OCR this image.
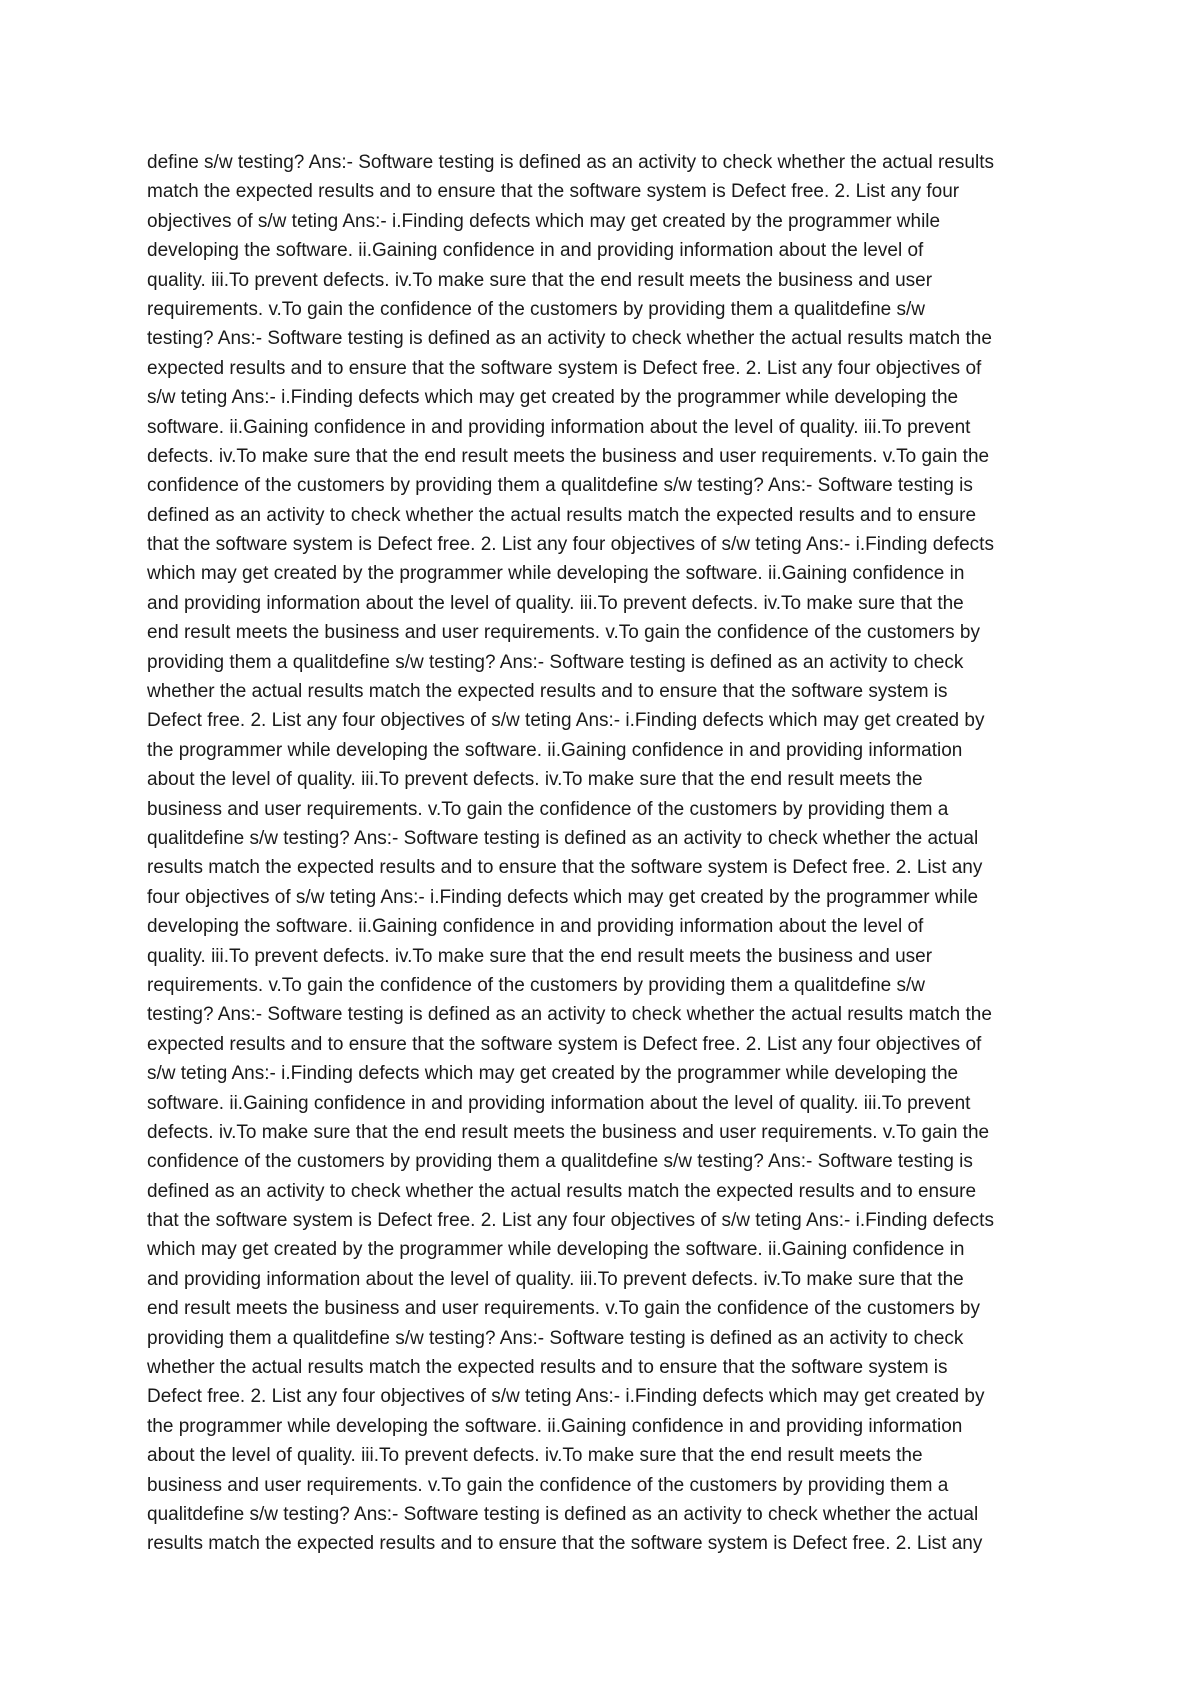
define s/w testing? Ans:- Software testing is defined as an activity to check whether the actual results
match the expected results and to ensure that the software system is Defect free. 2. List any four
objectives of s/w teting Ans:- i.Finding defects which may get created by the programmer while
developing the software. ii.Gaining confidence in and providing information about the level of
quality. iii.To prevent defects. iv.To make sure that the end result meets the business and user
requirements. v.To gain the confidence of the customers by providing them a qualitdefine s/w
testing? Ans:- Software testing is defined as an activity to check whether the actual results match the
expected results and to ensure that the software system is Defect free. 2. List any four objectives of
s/w teting Ans:- i.Finding defects which may get created by the programmer while developing the
software. ii.Gaining confidence in and providing information about the level of quality. iii.To prevent
defects. iv.To make sure that the end result meets the business and user requirements. v.To gain the
confidence of the customers by providing them a qualitdefine s/w testing? Ans:- Software testing is
defined as an activity to check whether the actual results match the expected results and to ensure
that the software system is Defect free. 2. List any four objectives of s/w teting Ans:- i.Finding defects
which may get created by the programmer while developing the software. ii.Gaining confidence in
and providing information about the level of quality. iii.To prevent defects. iv.To make sure that the
end result meets the business and user requirements. v.To gain the confidence of the customers by
providing them a qualitdefine s/w testing? Ans:- Software testing is defined as an activity to check
whether the actual results match the expected results and to ensure that the software system is
Defect free. 2. List any four objectives of s/w teting Ans:- i.Finding defects which may get created by
the programmer while developing the software. ii.Gaining confidence in and providing information
about the level of quality. iii.To prevent defects. iv.To make sure that the end result meets the
business and user requirements. v.To gain the confidence of the customers by providing them a
qualitdefine s/w testing? Ans:- Software testing is defined as an activity to check whether the actual
results match the expected results and to ensure that the software system is Defect free. 2. List any
four objectives of s/w teting Ans:- i.Finding defects which may get created by the programmer while
developing the software. ii.Gaining confidence in and providing information about the level of
quality. iii.To prevent defects. iv.To make sure that the end result meets the business and user
requirements. v.To gain the confidence of the customers by providing them a qualitdefine s/w
testing? Ans:- Software testing is defined as an activity to check whether the actual results match the
expected results and to ensure that the software system is Defect free. 2. List any four objectives of
s/w teting Ans:- i.Finding defects which may get created by the programmer while developing the
software. ii.Gaining confidence in and providing information about the level of quality. iii.To prevent
defects. iv.To make sure that the end result meets the business and user requirements. v.To gain the
confidence of the customers by providing them a qualitdefine s/w testing? Ans:- Software testing is
defined as an activity to check whether the actual results match the expected results and to ensure
that the software system is Defect free. 2. List any four objectives of s/w teting Ans:- i.Finding defects
which may get created by the programmer while developing the software. ii.Gaining confidence in
and providing information about the level of quality. iii.To prevent defects. iv.To make sure that the
end result meets the business and user requirements. v.To gain the confidence of the customers by
providing them a qualitdefine s/w testing? Ans:- Software testing is defined as an activity to check
whether the actual results match the expected results and to ensure that the software system is
Defect free. 2. List any four objectives of s/w teting Ans:- i.Finding defects which may get created by
the programmer while developing the software. ii.Gaining confidence in and providing information
about the level of quality. iii.To prevent defects. iv.To make sure that the end result meets the
business and user requirements. v.To gain the confidence of the customers by providing them a
qualitdefine s/w testing? Ans:- Software testing is defined as an activity to check whether the actual
results match the expected results and to ensure that the software system is Defect free. 2. List any
